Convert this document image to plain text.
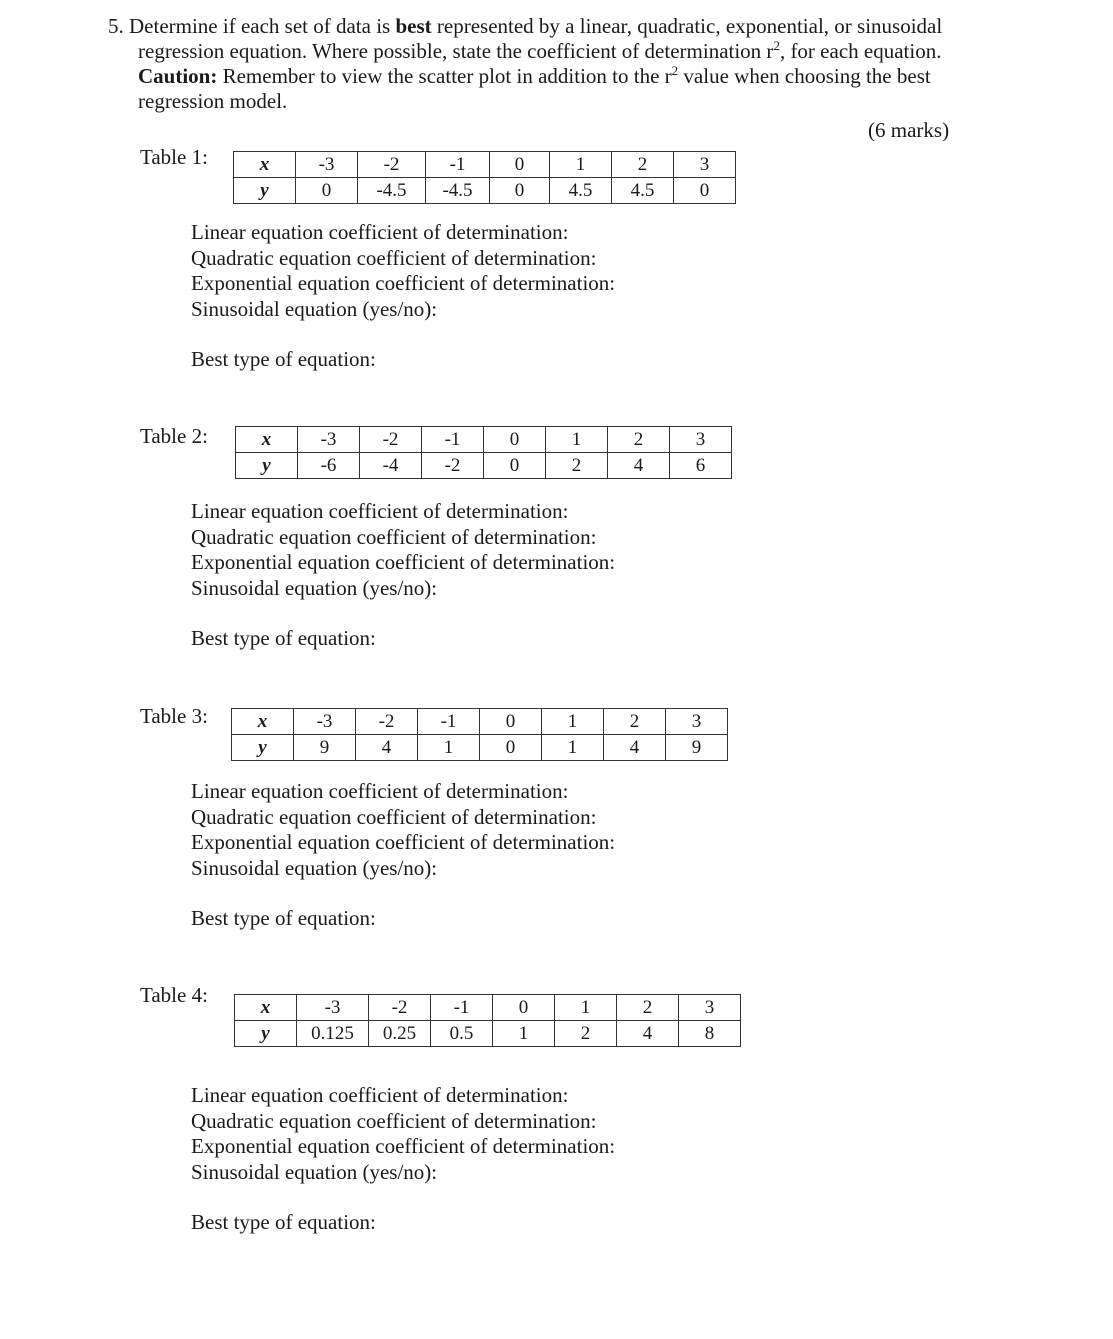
5. Determine if each set of data is best represented by a linear, quadratic, exponential, or sinusoidal
regression equation. Where possible, state the coefficient of determination $r^2$, for each equation.
Caution: Remember to view the scatter plot in addition to the $r^2$ value when choosing the best
regression model.
(6 marks)
Table 1:	x	-3	-2	-1	0	1	2	3
y	0	-4.5	-4.5	0	4.5	4.5	0
Linear equation coefficient of determination:
Quadratic equation coefficient of determination:
Exponential equation coefficient of determination:
Sinusoidal equation (yes/no):
Best type of equation:
Table 2:	x	-3	-2	-1	0	1	2	3
y	-6	-4	-2	0	2	4	6
Linear equation coefficient of determination:
Quadratic equation coefficient of determination:
Exponential equation coefficient of determination:
Sinusoidal equation (yes/no):
Best type of equation:
Table 3:	x	-3	-2	-1	0	1	2	3
y	9	4	1	0	1	4	9
Linear equation coefficient of determination:
Quadratic equation coefficient of determination:
Exponential equation coefficient of determination:
Sinusoidal equation (yes/no):
Best type of equation:
Table 4:
x	-3	-2	-1	0	1	2	3
y	0.125	0.25	0.5	1	2	4	8
Linear equation coefficient of determination:
Quadratic equation coefficient of determination:
Exponential equation coefficient of determination:
Sinusoidal equation (yes/no):
Best type of equation:
